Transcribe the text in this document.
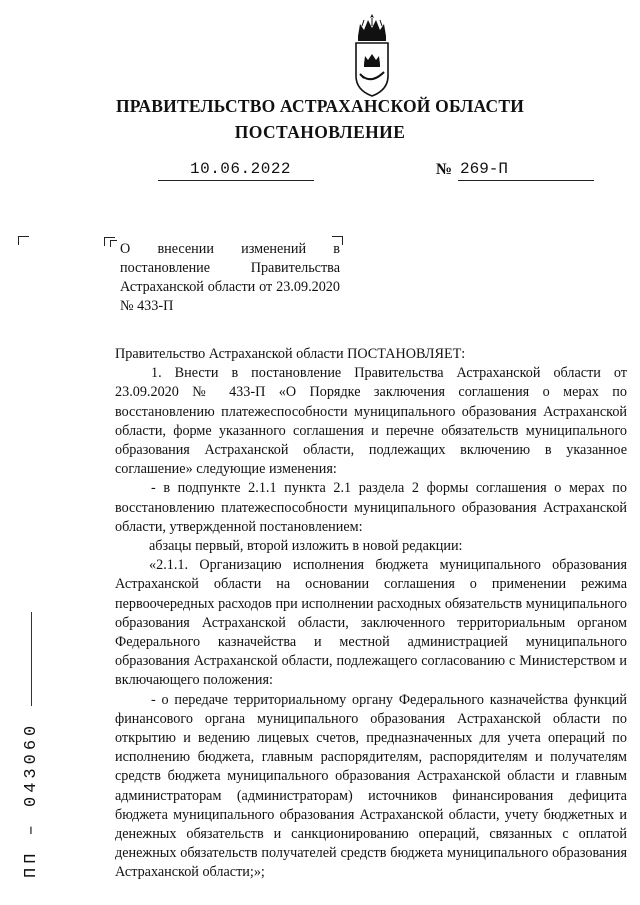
ПРАВИТЕЛЬСТВО АСТРАХАНСКОЙ ОБЛАСТИ
ПОСТАНОВЛЕНИЕ
10.06.2022	№ 269-П
О внесении изменений в постановление Правительства Астраханской области от 23.09.2020 № 433-П

Правительство Астраханской области ПОСТАНОВЛЯЕТ:

1. Внести в постановление Правительства Астраханской области от 23.09.2020 № 433-П «О Порядке заключения соглашения о мерах по восстановлению платежеспособности муниципального образования Астраханской области, форме указанного соглашения и перечне обязательств муниципального образования Астраханской области, подлежащих включению в указанное соглашение» следующие изменения:

- в подпункте 2.1.1 пункта 2.1 раздела 2 формы соглашения о мерах по восстановлению платежеспособности муниципального образования Астраханской области, утвержденной постановлением:

абзацы первый, второй изложить в новой редакции:

«2.1.1. Организацию исполнения бюджета муниципального образования Астраханской области на основании соглашения о применении режима первоочередных расходов при исполнении расходных обязательств муниципального образования Астраханской области, заключенного территориальным органом Федерального казначейства и местной администрацией муниципального образования Астраханской области, подлежащего согласованию с Министерством и включающего положения:

- о передаче территориальному органу Федерального казначейства функций финансового органа муниципального образования Астраханской области по открытию и ведению лицевых счетов, предназначенных для учета операций по исполнению бюджета, главным распорядителям, распорядителям и получателям средств бюджета муниципального образования Астраханской области и главным администраторам (администраторам) источников финансирования дефицита бюджета муниципального образования Астраханской области, учету бюджетных и денежных обязательств и санкционированию операций, связанных с оплатой денежных обязательств получателей средств бюджета муниципального образования Астраханской области;»;

ПП – 043060
